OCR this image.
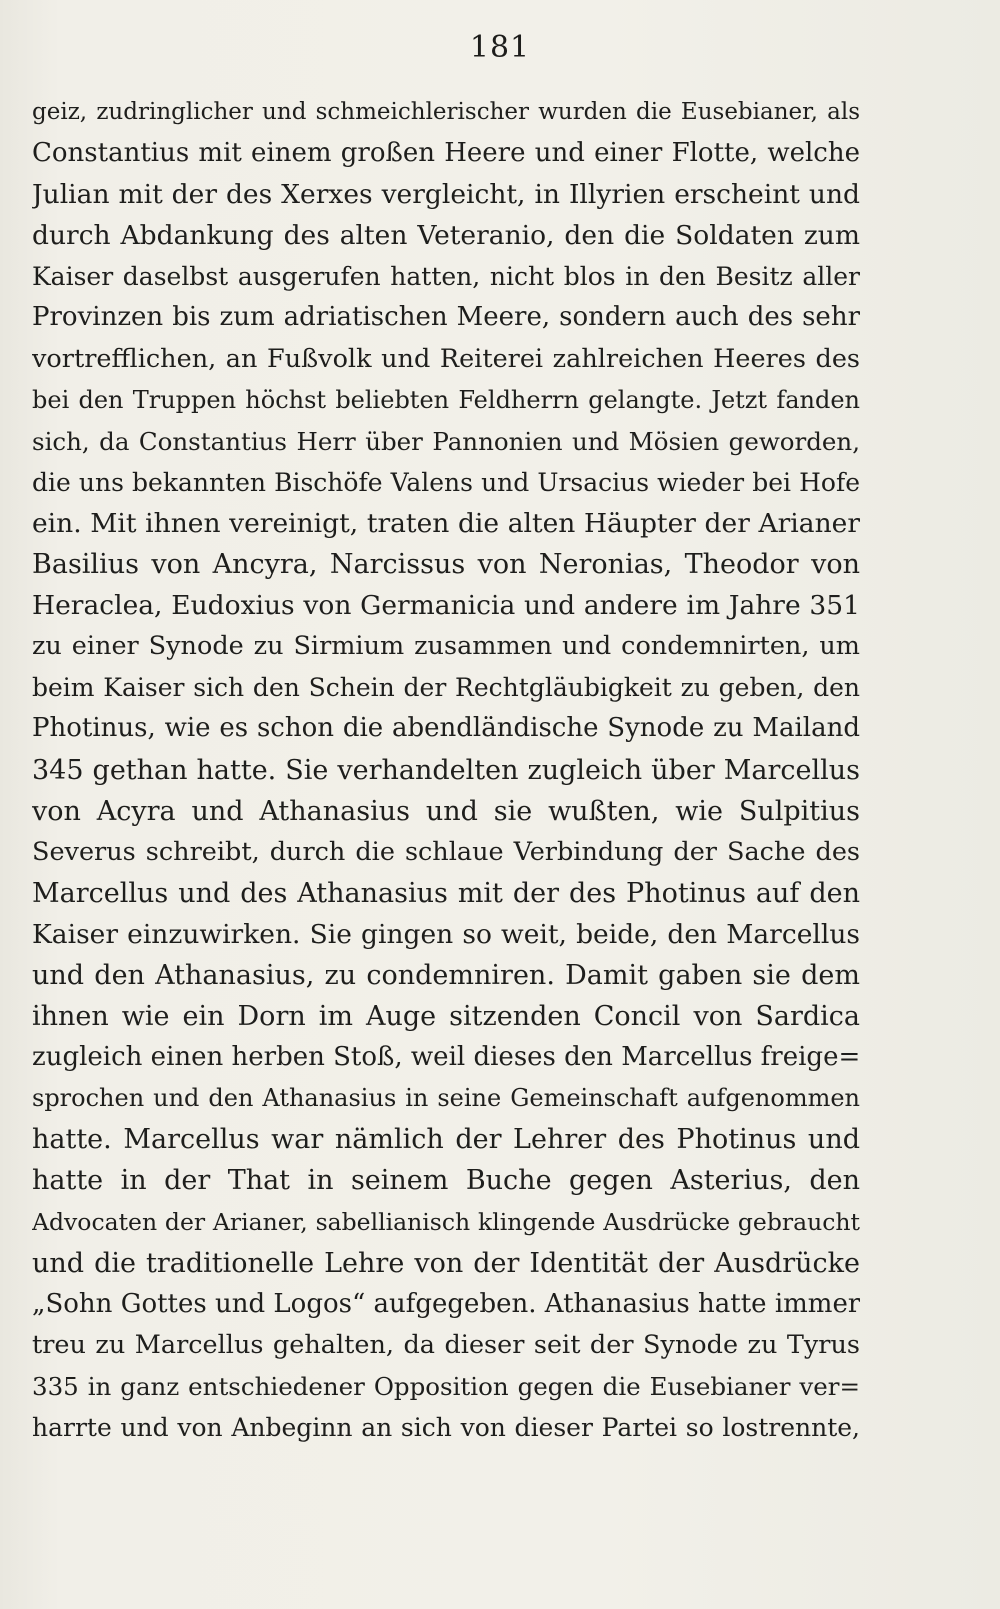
181
geiz, zudringlicher und schmeichlerischer wurden die Eusebianer, als
Constantius mit einem großen Heere und einer Flotte, welche
Julian mit der des Xerxes vergleicht, in Illyrien erscheint und
durch Abdankung des alten Veteranio, den die Soldaten zum
Kaiser daselbst ausgerufen hatten, nicht blos in den Besitz aller
Provinzen bis zum adriatischen Meere, sondern auch des sehr
vortrefflichen, an Fußvolk und Reiterei zahlreichen Heeres des
bei den Truppen höchst beliebten Feldherrn gelangte. Jetzt fanden
sich, da Constantius Herr über Pannonien und Mösien geworden,
die uns bekannten Bischöfe Valens und Ursacius wieder bei Hofe
ein. Mit ihnen vereinigt, traten die alten Häupter der Arianer
Basilius von Ancyra, Narcissus von Neronias, Theodor von
Heraclea, Eudoxius von Germanicia und andere im Jahre 351
zu einer Synode zu Sirmium zusammen und condemnirten, um
beim Kaiser sich den Schein der Rechtgläubigkeit zu geben, den
Photinus, wie es schon die abendländische Synode zu Mailand
345 gethan hatte. Sie verhandelten zugleich über Marcellus
von Acyra und Athanasius und sie wußten, wie Sulpitius
Severus schreibt, durch die schlaue Verbindung der Sache des
Marcellus und des Athanasius mit der des Photinus auf den
Kaiser einzuwirken. Sie gingen so weit, beide, den Marcellus
und den Athanasius, zu condemniren. Damit gaben sie dem
ihnen wie ein Dorn im Auge sitzenden Concil von Sardica
zugleich einen herben Stoß, weil dieses den Marcellus freige=
sprochen und den Athanasius in seine Gemeinschaft aufgenommen
hatte. Marcellus war nämlich der Lehrer des Photinus und
hatte in der That in seinem Buche gegen Asterius, den
Advocaten der Arianer, sabellianisch klingende Ausdrücke gebraucht
und die traditionelle Lehre von der Identität der Ausdrücke
„Sohn Gottes und Logos“ aufgegeben. Athanasius hatte immer
treu zu Marcellus gehalten, da dieser seit der Synode zu Tyrus
335 in ganz entschiedener Opposition gegen die Eusebianer ver=
harrte und von Anbeginn an sich von dieser Partei so lostrennte,
